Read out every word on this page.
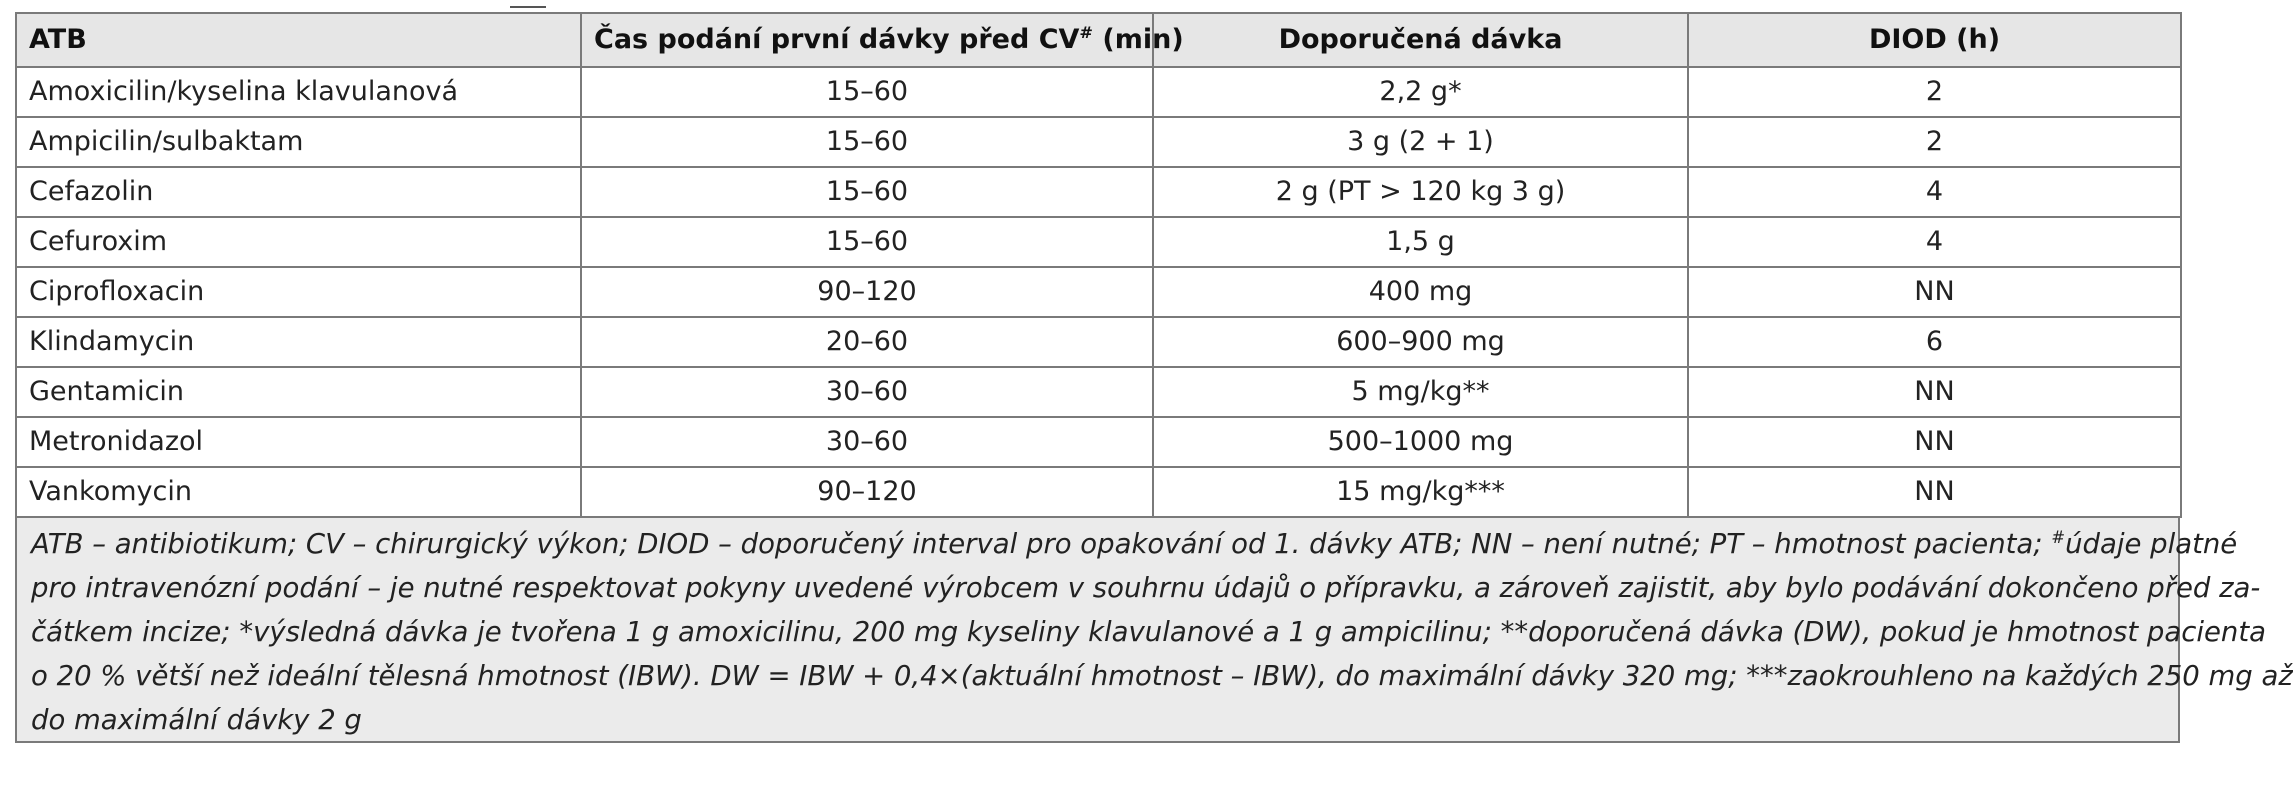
ATB	Čas podání první dávky před CV# (min)	Doporučená dávka	DIOD (h)
Amoxicilin/kyselina klavulanová	15–60	2,2 g*	2
Ampicilin/sulbaktam	15–60	3 g (2 + 1)	2
Cefazolin	15–60	2 g (PT > 120 kg 3 g)	4
Cefuroxim	15–60	1,5 g	4
Ciprofloxacin	90–120	400 mg	NN
Klindamycin	20–60	600–900 mg	6
Gentamicin	30–60	5 mg/kg**	NN
Metronidazol	30–60	500–1000 mg	NN
Vankomycin	90–120	15 mg/kg***	NN
ATB – antibiotikum; CV – chirurgický výkon; DIOD – doporučený interval pro opakování od 1. dávky ATB; NN – není nutné; PT – hmotnost pacienta; #údaje platné
pro intravenózní podání – je nutné respektovat pokyny uvedené výrobcem v souhrnu údajů o přípravku, a zároveň zajistit, aby bylo podávání dokončeno před za-
čátkem incize; *výsledná dávka je tvořena 1 g amoxicilinu, 200 mg kyseliny klavulanové a 1 g ampicilinu; **doporučená dávka (DW), pokud je hmotnost pacienta
o 20 % větší než ideální tělesná hmotnost (IBW). DW = IBW + 0,4×(aktuální hmotnost – IBW), do maximální dávky 320 mg; ***zaokrouhleno na každých 250 mg až
do maximální dávky 2 g
